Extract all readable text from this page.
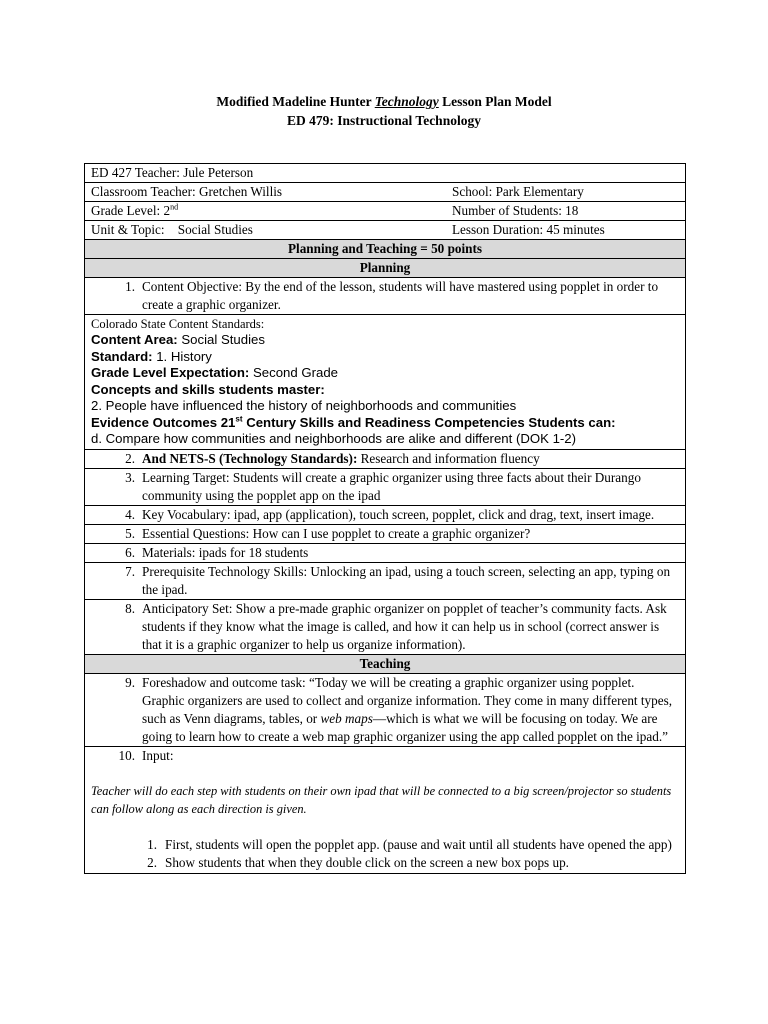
Modified Madeline Hunter Technology Lesson Plan Model
ED 479: Instructional Technology
ED 427 Teacher: Jule Peterson

Classroom Teacher: Gretchen Willis	School: Park Elementary

Grade Level: 2nd	Number of Students: 18

Unit & Topic:    Social Studies	Lesson Duration: 45 minutes

Planning and Teaching = 50 points
Planning

1. Content Objective: By the end of the lesson, students will have mastered using popplet in order to create a graphic organizer.

Colorado State Content Standards:
Content Area: Social Studies
Standard: 1. History
Grade Level Expectation: Second Grade
Concepts and skills students master:
2. People have influenced the history of neighborhoods and communities
Evidence Outcomes 21st Century Skills and Readiness Competencies Students can:
d. Compare how communities and neighborhoods are alike and different (DOK 1-2)

2. And NETS-S (Technology Standards): Research and information fluency

3. Learning Target: Students will create a graphic organizer using three facts about their Durango community using the popplet app on the ipad

4. Key Vocabulary: ipad, app (application), touch screen, popplet, click and drag, text, insert image.

5. Essential Questions: How can I use popplet to create a graphic organizer?

6. Materials: ipads for 18 students

7. Prerequisite Technology Skills: Unlocking an ipad, using a touch screen, selecting an app, typing on the ipad.

8. Anticipatory Set: Show a pre-made graphic organizer on popplet of teacher’s community facts. Ask students if they know what the image is called, and how it can help us in school (correct answer is that it is a graphic organizer to help us organize information).

Teaching

9. Foreshadow and outcome task: “Today we will be creating a graphic organizer using popplet. Graphic organizers are used to collect and organize information. They come in many different types, such as Venn diagrams, tables, or web maps—which is what we will be focusing on today. We are going to learn how to create a web map graphic organizer using the app called popplet on the ipad.”

10. Input:
Teacher will do each step with students on their own ipad that will be connected to a big screen/projector so students can follow along as each direction is given.
1. First, students will open the popplet app. (pause and wait until all students have opened the app)
2. Show students that when they double click on the screen a new box pops up.
